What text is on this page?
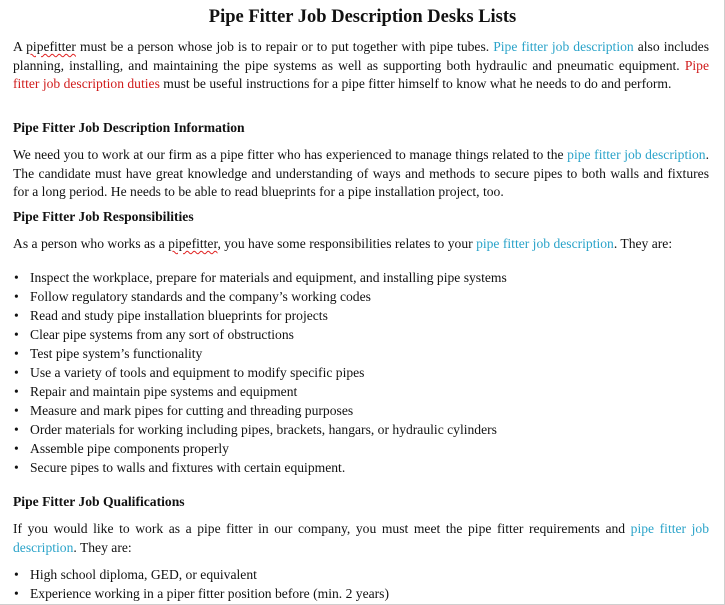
Pipe Fitter Job Description Desks Lists

A pipefitter must be a person whose job is to repair or to put together with pipe tubes. Pipe fitter job description also includes planning, installing, and maintaining the pipe systems as well as supporting both hydraulic and pneumatic equipment. Pipe fitter job description duties must be useful instructions for a pipe fitter himself to know what he needs to do and perform.

Pipe Fitter Job Description Information

We need you to work at our firm as a pipe fitter who has experienced to manage things related to the pipe fitter job description. The candidate must have great knowledge and understanding of ways and methods to secure pipes to both walls and fixtures for a long period. He needs to be able to read blueprints for a pipe installation project, too.

Pipe Fitter Job Responsibilities

As a person who works as a pipefitter, you have some responsibilities relates to your pipe fitter job description. They are:

• Inspect the workplace, prepare for materials and equipment, and installing pipe systems
• Follow regulatory standards and the company’s working codes
• Read and study pipe installation blueprints for projects
• Clear pipe systems from any sort of obstructions
• Test pipe system’s functionality
• Use a variety of tools and equipment to modify specific pipes
• Repair and maintain pipe systems and equipment
• Measure and mark pipes for cutting and threading purposes
• Order materials for working including pipes, brackets, hangars, or hydraulic cylinders
• Assemble pipe components properly
• Secure pipes to walls and fixtures with certain equipment.
Pipe Fitter Job Qualifications

If you would like to work as a pipe fitter in our company, you must meet the pipe fitter requirements and pipe fitter job description. They are:

• High school diploma, GED, or equivalent
• Experience working in a piper fitter position before (min. 2 years)
